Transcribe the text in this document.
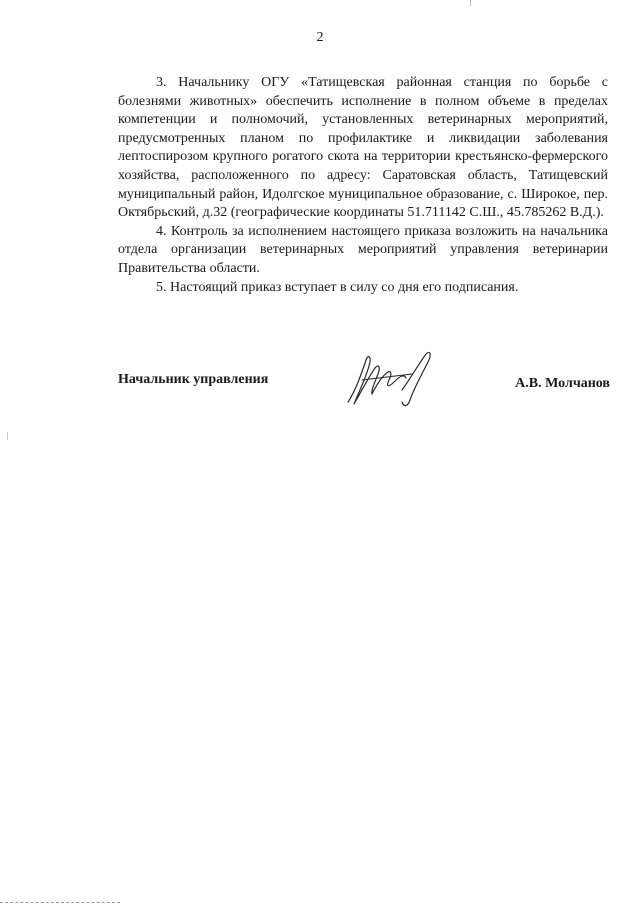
2

3. Начальнику ОГУ «Татищевская районная станция по борьбе с болезнями животных» обеспечить исполнение в полном объеме в пределах компетенции и полномочий, установленных ветеринарных мероприятий, предусмотренных планом по профилактике и ликвидации заболевания лептоспирозом крупного рогатого скота на территории крестьянско-фермерского хозяйства, расположенного по адресу: Саратовская область, Татищевский муниципальный район, Идолгское муниципальное образование, с. Широкое, пер. Октябрьский, д.32 (географические координаты 51.711142 С.Ш., 45.785262 В.Д.).

4. Контроль за исполнением настоящего приказа возложить на начальника отдела организации ветеринарных мероприятий управления ветеринарии Правительства области.

5. Настоящий приказ вступает в силу со дня его подписания.

Начальник управления	А.В. Молчанов
